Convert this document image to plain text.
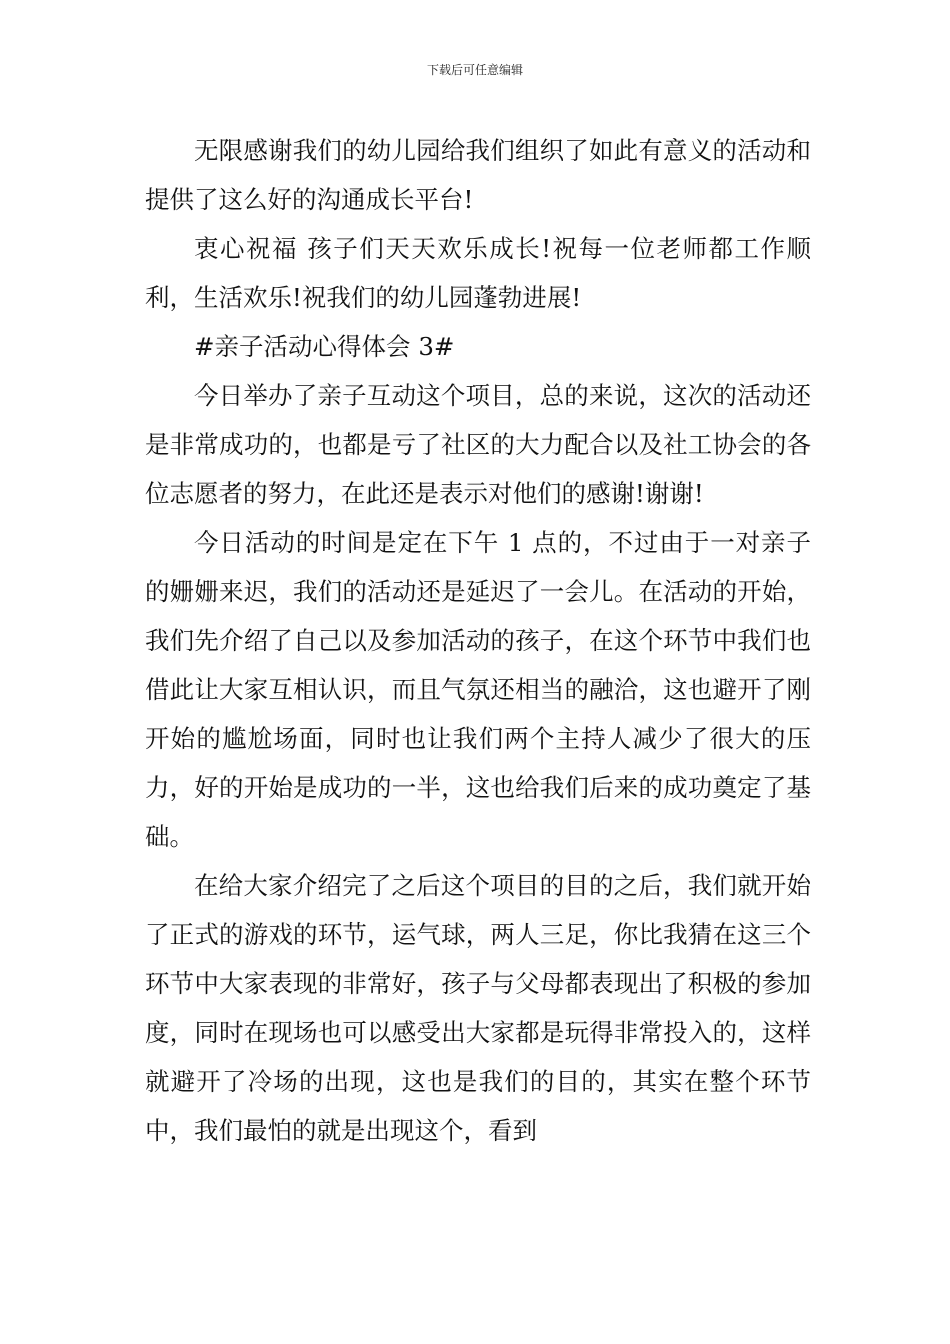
下载后可任意编辑

无限感谢我们的幼儿园给我们组织了如此有意义的活动和提供了这么好的沟通成长平台!

衷心祝福 孩子们天天欢乐成长!祝每一位老师都工作顺利，生活欢乐!祝我们的幼儿园蓬勃进展!

#亲子活动心得体会 3#

今日举办了亲子互动这个项目，总的来说，这次的活动还是非常成功的，也都是亏了社区的大力配合以及社工协会的各位志愿者的努力，在此还是表示对他们的感谢!谢谢!

今日活动的时间是定在下午 1 点的，不过由于一对亲子的姗姗来迟，我们的活动还是延迟了一会儿。在活动的开始，我们先介绍了自己以及参加活动的孩子，在这个环节中我们也借此让大家互相认识，而且气氛还相当的融洽，这也避开了刚开始的尴尬场面，同时也让我们两个主持人减少了很大的压力，好的开始是成功的一半，这也给我们后来的成功奠定了基础。

在给大家介绍完了之后这个项目的目的之后，我们就开始了正式的游戏的环节，运气球，两人三足，你比我猜在这三个环节中大家表现的非常好，孩子与父母都表现出了积极的参加度，同时在现场也可以感受出大家都是玩得非常投入的，这样就避开了冷场的出现，这也是我们的目的，其实在整个环节中，我们最怕的就是出现这个，看到
